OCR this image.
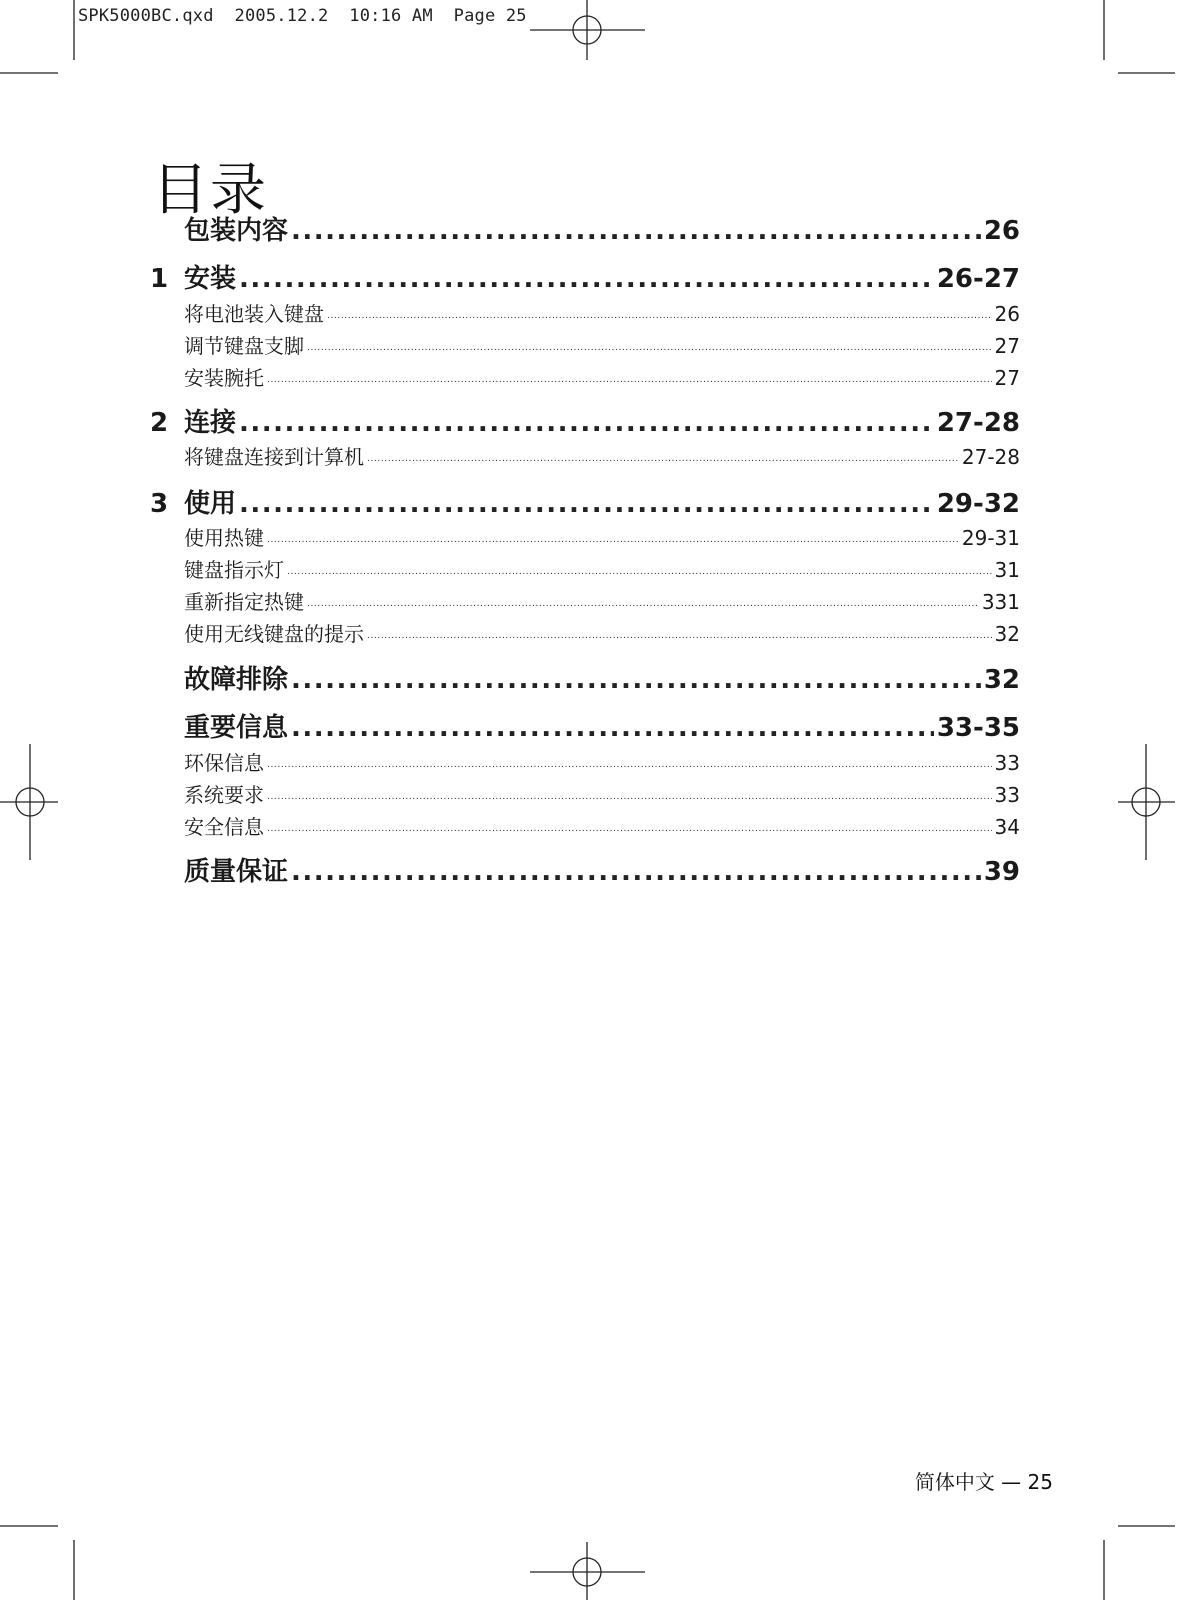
SPK5000BC.qxd  2005.12.2  10:16 AM  Page 25
目录
包装内容 .....	26
1 安装 .....	26-27
将电池装入键盘 .....	26
调节键盘支脚 .....	27
安装腕托 .....	27
2 连接 .....	27-28
将键盘连接到计算机 .....	27-28
3 使用 .....	29-32
使用热键 .....	29-31
键盘指示灯 .....	31
重新指定热键 .....	331
使用无线键盘的提示 .....	32
故障排除 .....	32
重要信息 .....	33-35
环保信息 .....	33
系统要求 .....	33
安全信息 .....	34
质量保证 .....	39
简体中文 — 25
